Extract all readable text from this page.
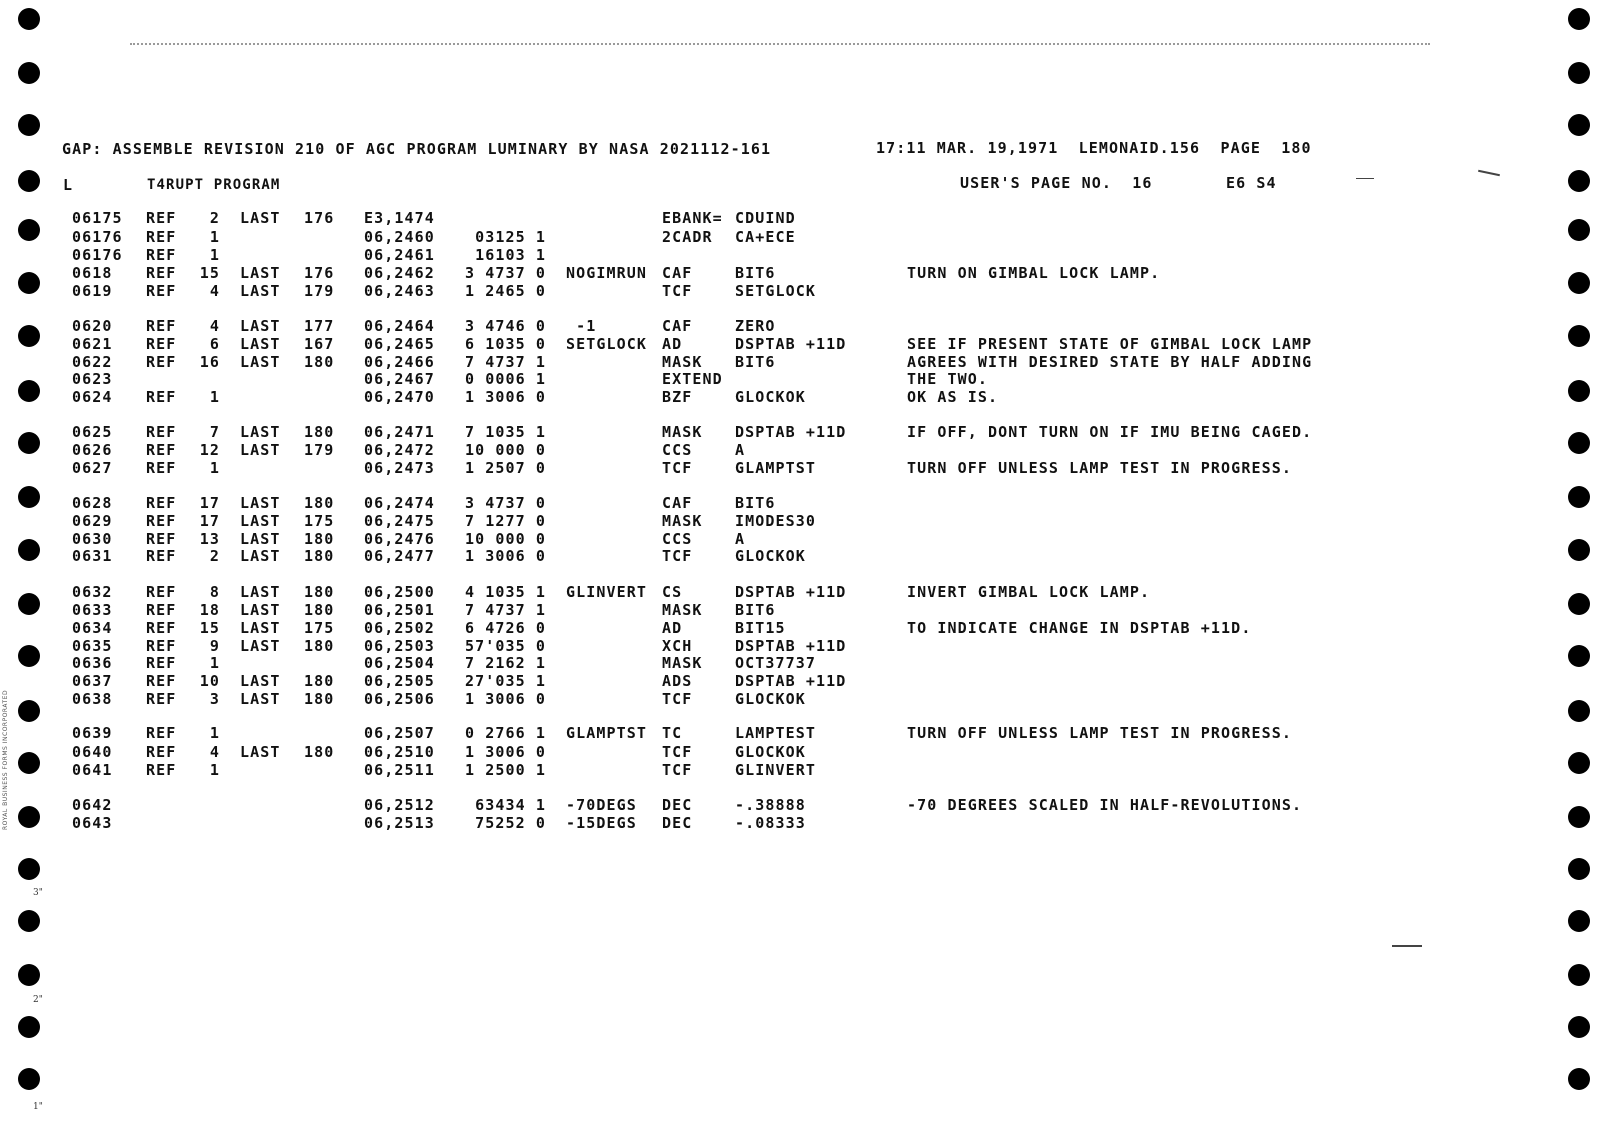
ROYAL BUSINESS FORMS INCORPORATED
3"
2"
1"
GAP: ASSEMBLE REVISION 210 OF AGC PROGRAM LUMINARY BY NASA 2021112-161	17:11 MAR. 19,1971  LEMONAID.156  PAGE  180
L	T4RUPT PROGRAM	USER'S PAGE NO.  16	E6 S4
06175 REF 2 LAST 176 E3,1474	EBANK= CDUIND
06176 REF 1	06,2460	03125 1	2CADR CA+ECE
06176 REF 1	06,2461	16103 1
0618 REF 15 LAST 176 06,2462 3 4737 0 NOGIMRUN CAF	BIT6	TURN ON GIMBAL LOCK LAMP.
0619 REF 4 LAST 179 06,2463 1 2465 0	TCF	SETGLOCK
0620 REF 4 LAST 177 06,2464 3 4746 0 -1	CAF	ZERO
0621 REF 6 LAST 167 06,2465 6 1035 0 SETGLOCK AD	DSPTAB +11D	SEE IF PRESENT STATE OF GIMBAL LOCK LAMP
0622 REF 16 LAST 180 06,2466 7 4737 1	MASK BIT6	AGREES WITH DESIRED STATE BY HALF ADDING
0623	06,2467 0 0006 1	EXTEND	THE TWO.
0624 REF 1	06,2470 1 3006 0	BZF	GLOCKOK	OK AS IS.
0625 REF 7 LAST 180 06,2471 7 1035 1	MASK DSPTAB +11D	IF OFF, DONT TURN ON IF IMU BEING CAGED.
0626 REF 12 LAST 179 06,2472 10 000 0	CCS	A
0627 REF 1	06,2473 1 2507 0	TCF	GLAMPTST	TURN OFF UNLESS LAMP TEST IN PROGRESS.
0628 REF 17 LAST 180 06,2474 3 4737 0	CAF	BIT6
0629 REF 17 LAST 175 06,2475 7 1277 0	MASK IMODES30
0630 REF 13 LAST 180 06,2476 10 000 0	CCS	A
0631 REF 2 LAST 180 06,2477 1 3006 0	TCF	GLOCKOK
0632 REF 8 LAST 180 06,2500 4 1035 1 GLINVERT CS	DSPTAB +11D	INVERT GIMBAL LOCK LAMP.
0633 REF 18 LAST 180 06,2501 7 4737 1	MASK BIT6
0634 REF 15 LAST 175 06,2502 6 4726 0	AD	BIT15	TO INDICATE CHANGE IN DSPTAB +11D.
0635 REF 9 LAST 180 06,2503 57'035 0	XCH	DSPTAB +11D
0636 REF 1	06,2504 7 2162 1	MASK OCT37737
0637 REF 10 LAST 180 06,2505 27'035 1	ADS	DSPTAB +11D
0638 REF 3 LAST 180 06,2506 1 3006 0	TCF	GLOCKOK
0639 REF 1	06,2507 0 2766 1 GLAMPTST TC	LAMPTEST	TURN OFF UNLESS LAMP TEST IN PROGRESS.
0640 REF 4 LAST 180 06,2510 1 3006 0	TCF	GLOCKOK
0641 REF 1	06,2511 1 2500 1	TCF	GLINVERT
0642	06,2512	63434 1 -70DEGS DEC	-.38888	-70 DEGREES SCALED IN HALF-REVOLUTIONS.
0643	06,2513	75252 0 -15DEGS DEC	-.08333
